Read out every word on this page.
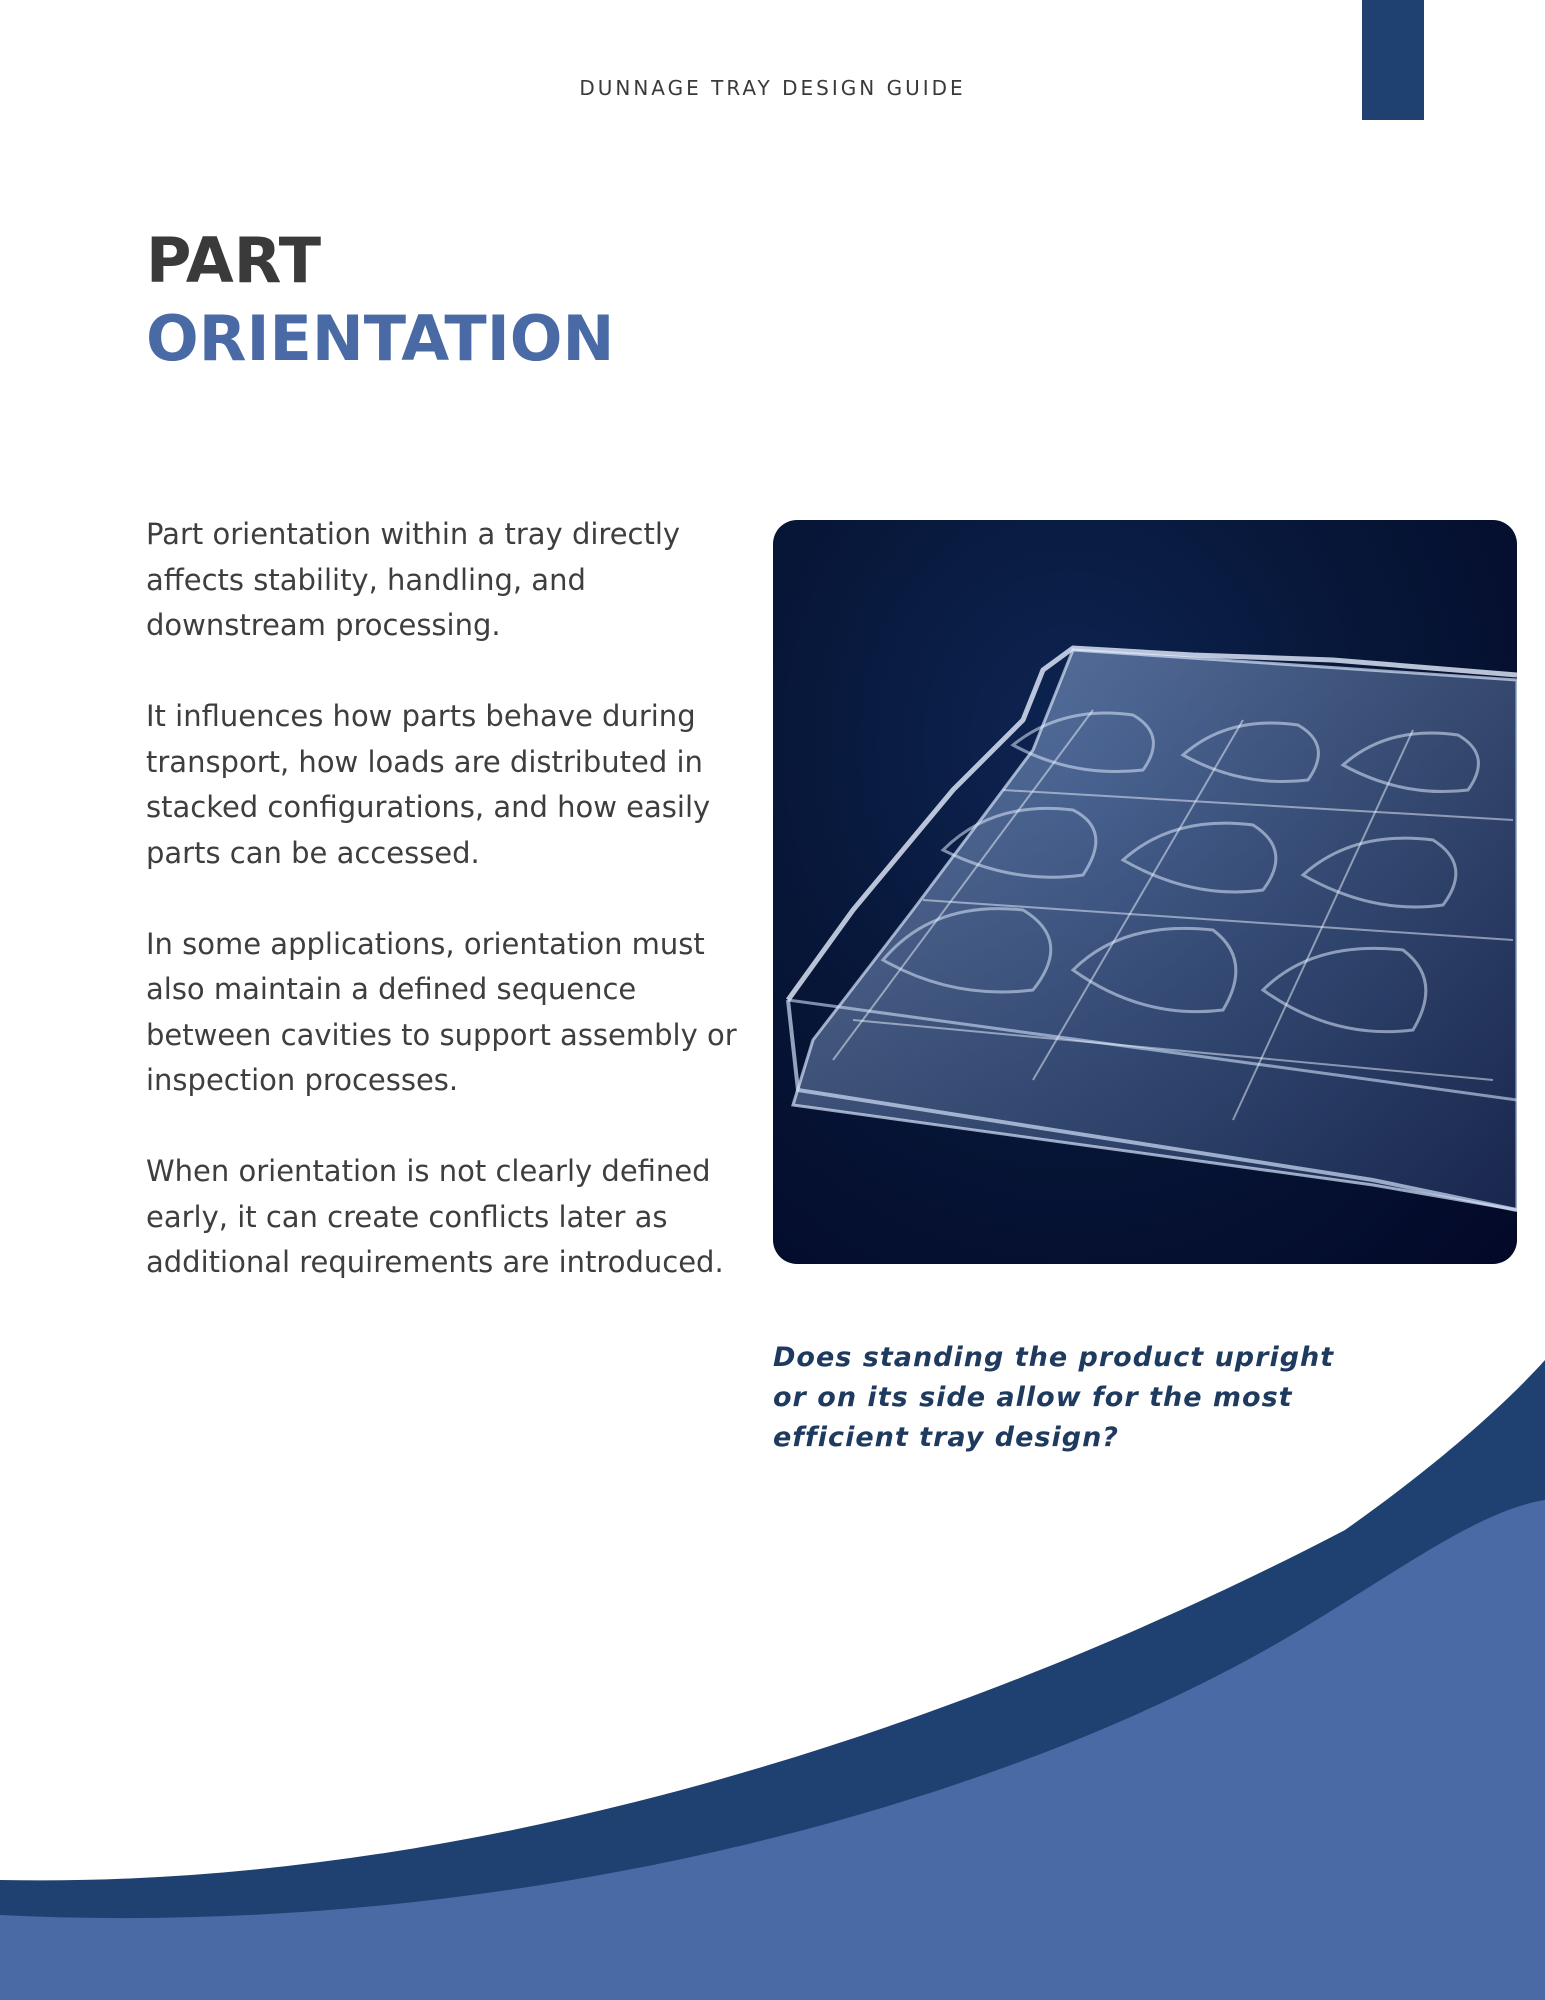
DUNNAGE TRAY DESIGN GUIDE
PART
ORIENTATION

Part orientation within a tray directly affects stability, handling, and downstream processing.

It influences how parts behave during transport, how loads are distributed in stacked configurations, and how easily parts can be accessed.

In some applications, orientation must also maintain a defined sequence between cavities to support assembly or inspection processes.

When orientation is not clearly defined early, it can create conflicts later as additional requirements are introduced.

Does standing the product upright or on its side allow for the most efficient tray design?
